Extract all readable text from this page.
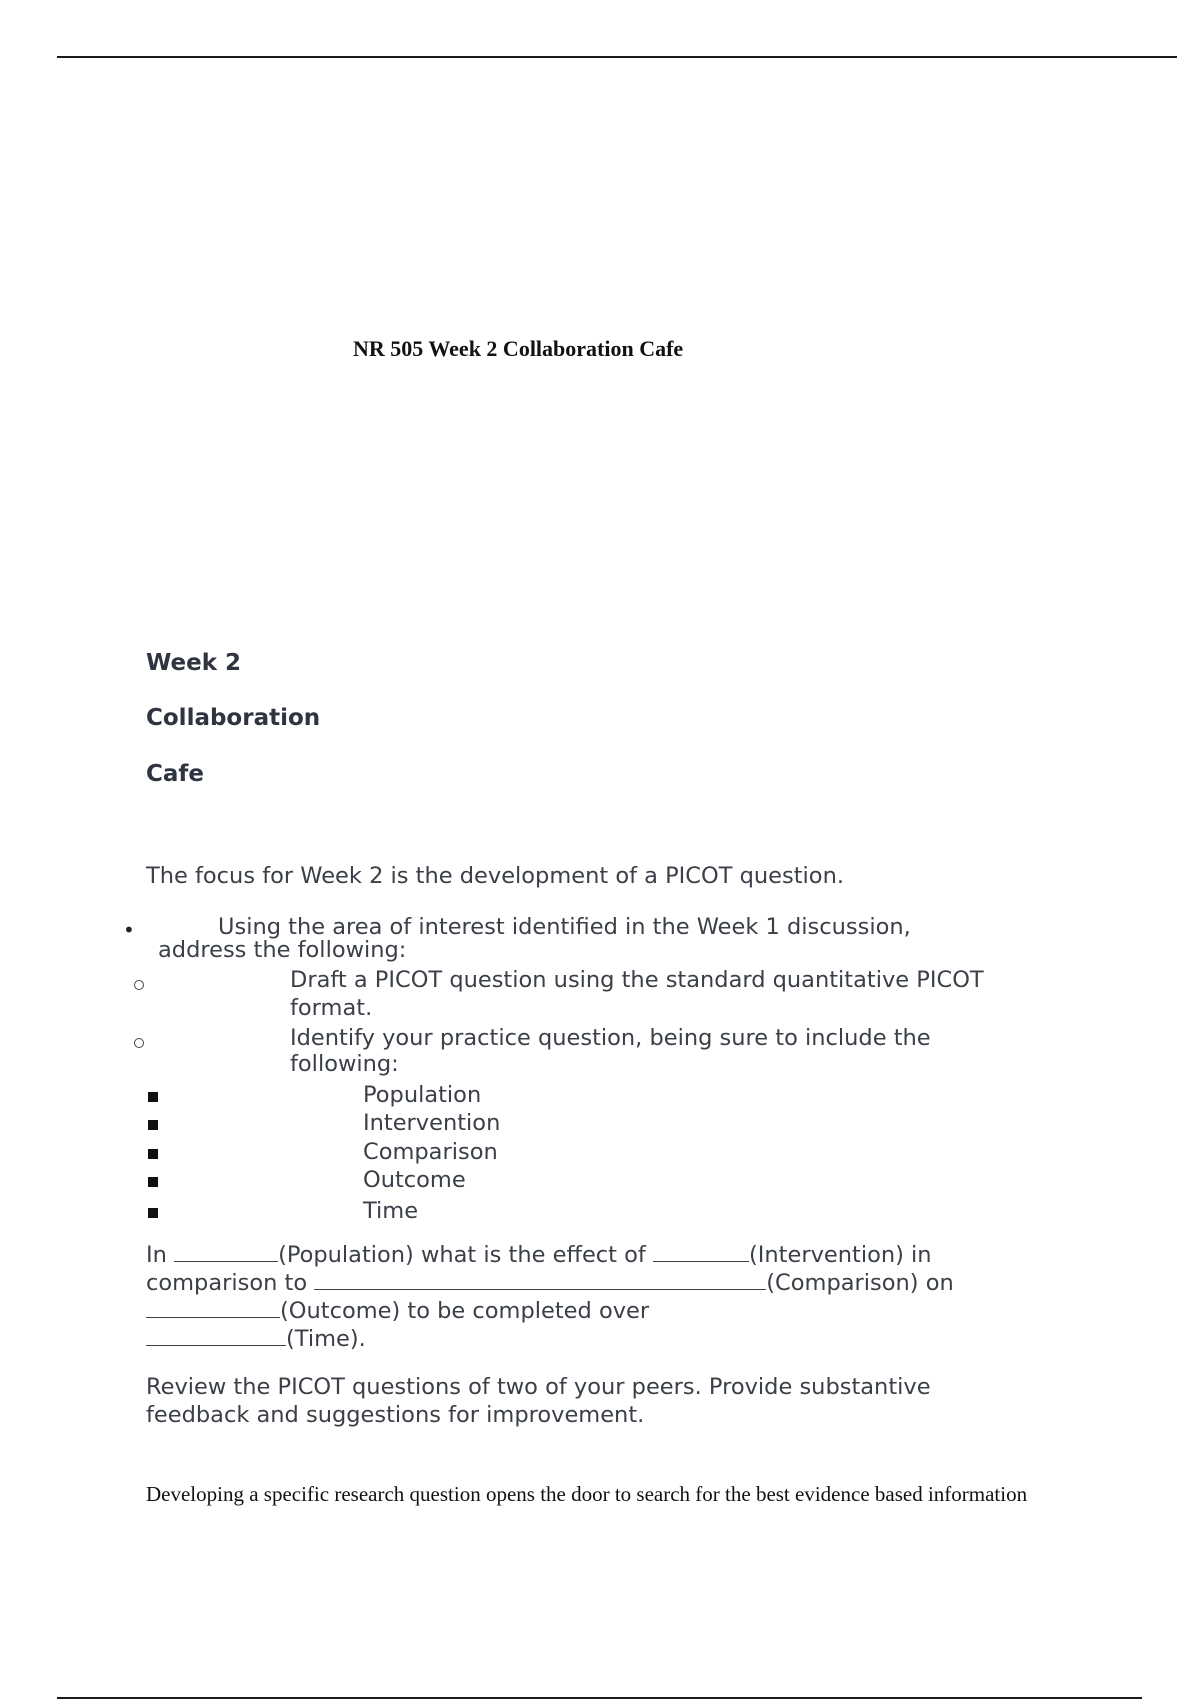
NR 505 Week 2 Collaboration Cafe
Week 2
Collaboration
Cafe
The focus for Week 2 is the development of a PICOT question.
•	Using the area of interest identified in the Week 1 discussion,
address the following:
Draft a PICOT question using the standard quantitative PICOT
format.
Identify your practice question, being sure to include the
following:
Population
Intervention
Comparison
Outcome
Time
In	(Population) what is the effect of	(Intervention) in
comparison to	(Comparison) on
(Outcome) to be completed over
(Time).
Review the PICOT questions of two of your peers. Provide substantive
feedback and suggestions for improvement.
Developing a specific research question opens the door to search for the best evidence based information
